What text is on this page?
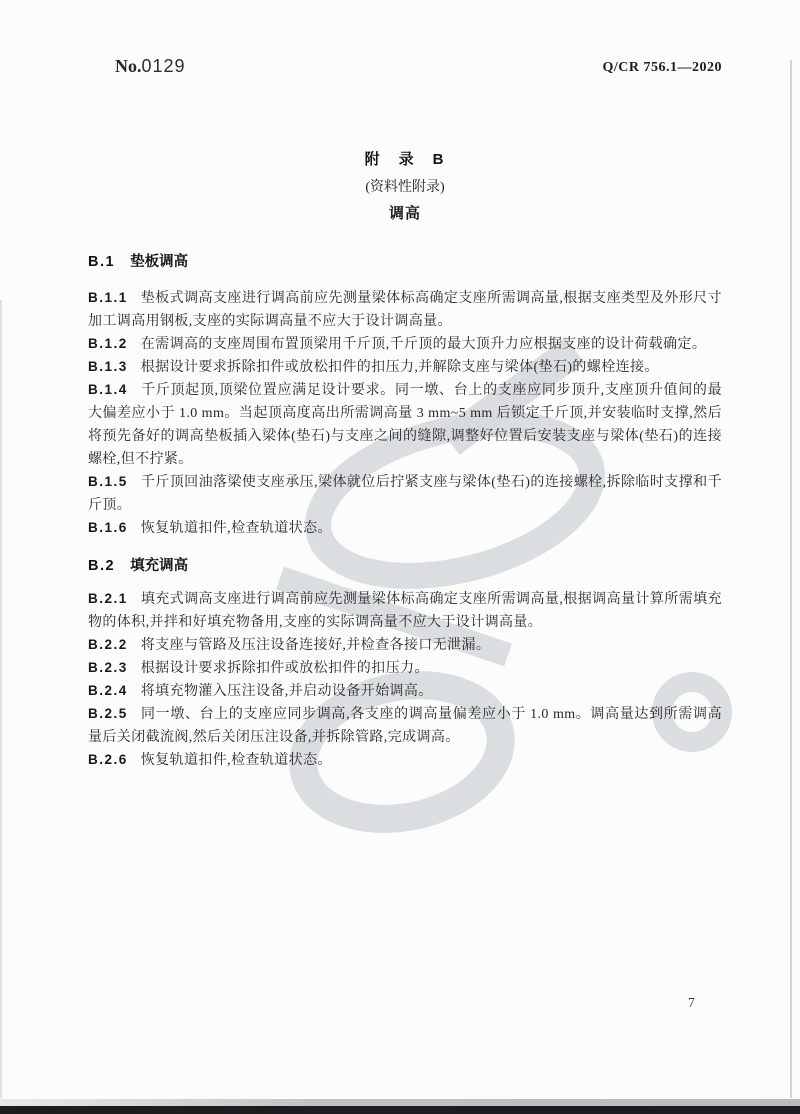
No.0129	Q/CR 756.1—2020
附　录　B
(资料性附录)
调高
B.1 垫板调高

B.1.1 垫板式调高支座进行调高前应先测量梁体标高确定支座所需调高量,根据支座类型及外形尺寸加工调高用钢板,支座的实际调高量不应大于设计调高量。

B.1.2 在需调高的支座周围布置顶梁用千斤顶,千斤顶的最大顶升力应根据支座的设计荷载确定。

B.1.3 根据设计要求拆除扣件或放松扣件的扣压力,并解除支座与梁体(垫石)的螺栓连接。

B.1.4 千斤顶起顶,顶梁位置应满足设计要求。同一墩、台上的支座应同步顶升,支座顶升值间的最大偏差应小于 1.0 mm。当起顶高度高出所需调高量 3 mm~5 mm 后锁定千斤顶,并安装临时支撑,然后将预先备好的调高垫板插入梁体(垫石)与支座之间的缝隙,调整好位置后安装支座与梁体(垫石)的连接螺栓,但不拧紧。

B.1.5 千斤顶回油落梁使支座承压,梁体就位后拧紧支座与梁体(垫石)的连接螺栓,拆除临时支撑和千斤顶。

B.1.6 恢复轨道扣件,检查轨道状态。

B.2 填充调高

B.2.1 填充式调高支座进行调高前应先测量梁体标高确定支座所需调高量,根据调高量计算所需填充物的体积,并拌和好填充物备用,支座的实际调高量不应大于设计调高量。

B.2.2 将支座与管路及压注设备连接好,并检查各接口无泄漏。

B.2.3 根据设计要求拆除扣件或放松扣件的扣压力。

B.2.4 将填充物灌入压注设备,并启动设备开始调高。

B.2.5 同一墩、台上的支座应同步调高,各支座的调高量偏差应小于 1.0 mm。调高量达到所需调高量后关闭截流阀,然后关闭压注设备,并拆除管路,完成调高。

B.2.6 恢复轨道扣件,检查轨道状态。

7
